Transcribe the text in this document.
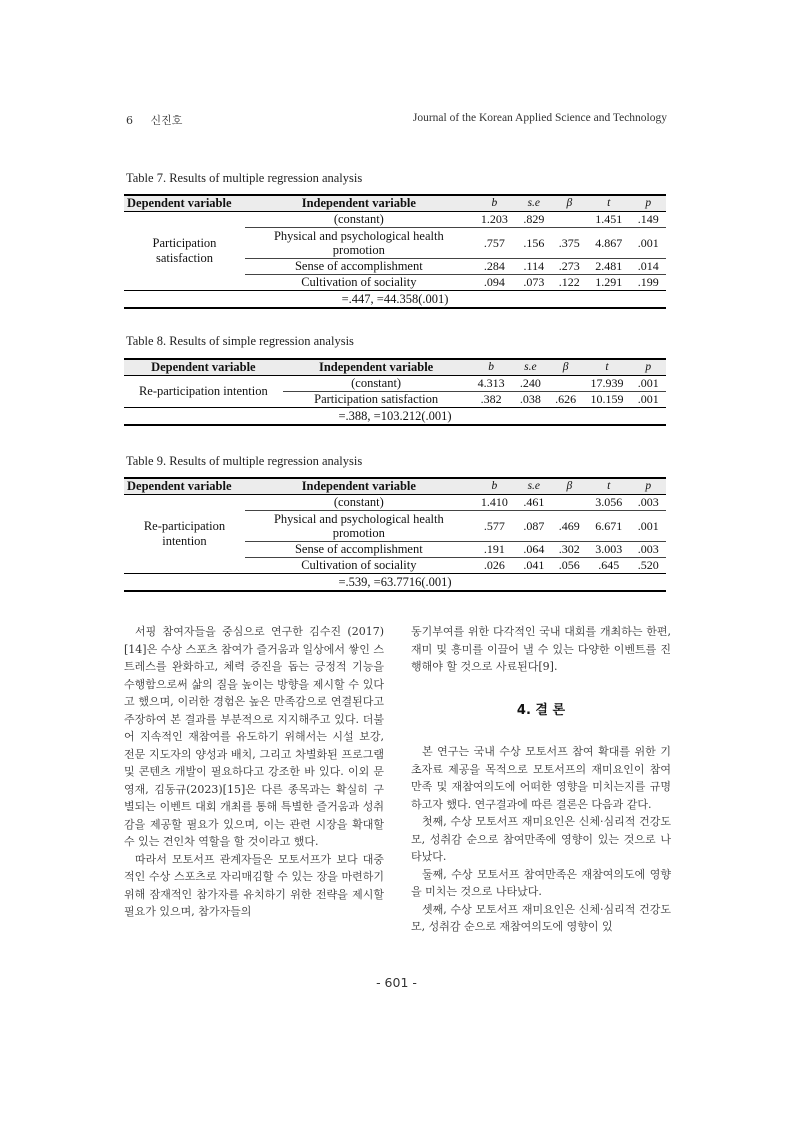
6 신진호	Journal of the Korean Applied Science and Technology
Table 7. Results of multiple regression analysis
Dependent variable	Independent variable	b	s.e	β	t	p
Participation satisfaction	(constant)	1.203	.829		1.451	.149
	Physical and psychological health promotion	.757	.156	.375	4.867	.001
	Sense of accomplishment	.284	.114	.273	2.481	.014
	Cultivation of sociality	.094	.073	.122	1.291	.199
=.447, =44.358(.001)						
Table 8. Results of simple regression analysis
Dependent variable	Independent variable	b	s.e	β	t	p
Re-participation intention	(constant)	4.313	.240		17.939	.001
	Participation satisfaction	.382	.038	.626	10.159	.001
=.388, =103.212(.001)						
Table 9. Results of multiple regression analysis
Dependent variable	Independent variable	b	s.e	β	t	p
Re-participation intention	(constant)	1.410	.461		3.056	.003
	Physical and psychological health promotion	.577	.087	.469	6.671	.001
	Sense of accomplishment	.191	.064	.302	3.003	.003
	Cultivation of sociality	.026	.041	.056	.645	.520
=.539, =63.7716(.001)						

서핑 참여자들을 중심으로 연구한 김수진 (2017) [14]은 수상 스포츠 참여가 즐거움과 일상에서 쌓인 스트레스를 완화하고, 체력 증진을 돕는 긍정적 기능을 수행함으로써 삶의 질을 높이는 방향을 제시할 수 있다고 했으며, 이러한 경험은 높은 만족감으로 연결된다고 주장하여 본 결과를 부분적으로 지지해주고 있다. 더불어 지속적인 재참여를 유도하기 위해서는 시설 보강, 전문 지도자의 양성과 배치, 그리고 차별화된 프로그램 및 콘텐츠 개발이 필요하다고 강조한 바 있다. 이외 문영재, 김동규(2023)[15]은 다른 종목과는 확실히 구별되는 이벤트 대회 개최를 통해 특별한 즐거움과 성취감을 제공할 필요가 있으며, 이는 관련 시장을 확대할 수 있는 견인차 역할을 할 것이라고 했다.

따라서 모토서프 관계자들은 모토서프가 보다 대중적인 수상 스포츠로 자리매김할 수 있는 장을 마련하기 위해 잠재적인 참가자를 유치하기 위한 전략을 제시할 필요가 있으며, 참가자들의

동기부여를 위한 다각적인 국내 대회를 개최하는 한편, 재미 및 흥미를 이끌어 낼 수 있는 다양한 이벤트를 진행해야 할 것으로 사료된다[9].

4. 결 론

본 연구는 국내 수상 모토서프 참여 확대를 위한 기초자료 제공을 목적으로 모토서프의 재미요인이 참여만족 및 재참여의도에 어떠한 영향을 미치는지를 규명하고자 했다. 연구결과에 따른 결론은 다음과 같다.

첫째, 수상 모토서프 재미요인은 신체·심리적 건강도모, 성취감 순으로 참여만족에 영향이 있는 것으로 나타났다.

둘째, 수상 모토서프 참여만족은 재참여의도에 영향을 미치는 것으로 나타났다.

셋째, 수상 모토서프 재미요인은 신체·심리적 건강도모, 성취감 순으로 재참여의도에 영향이 있

- 601 -
